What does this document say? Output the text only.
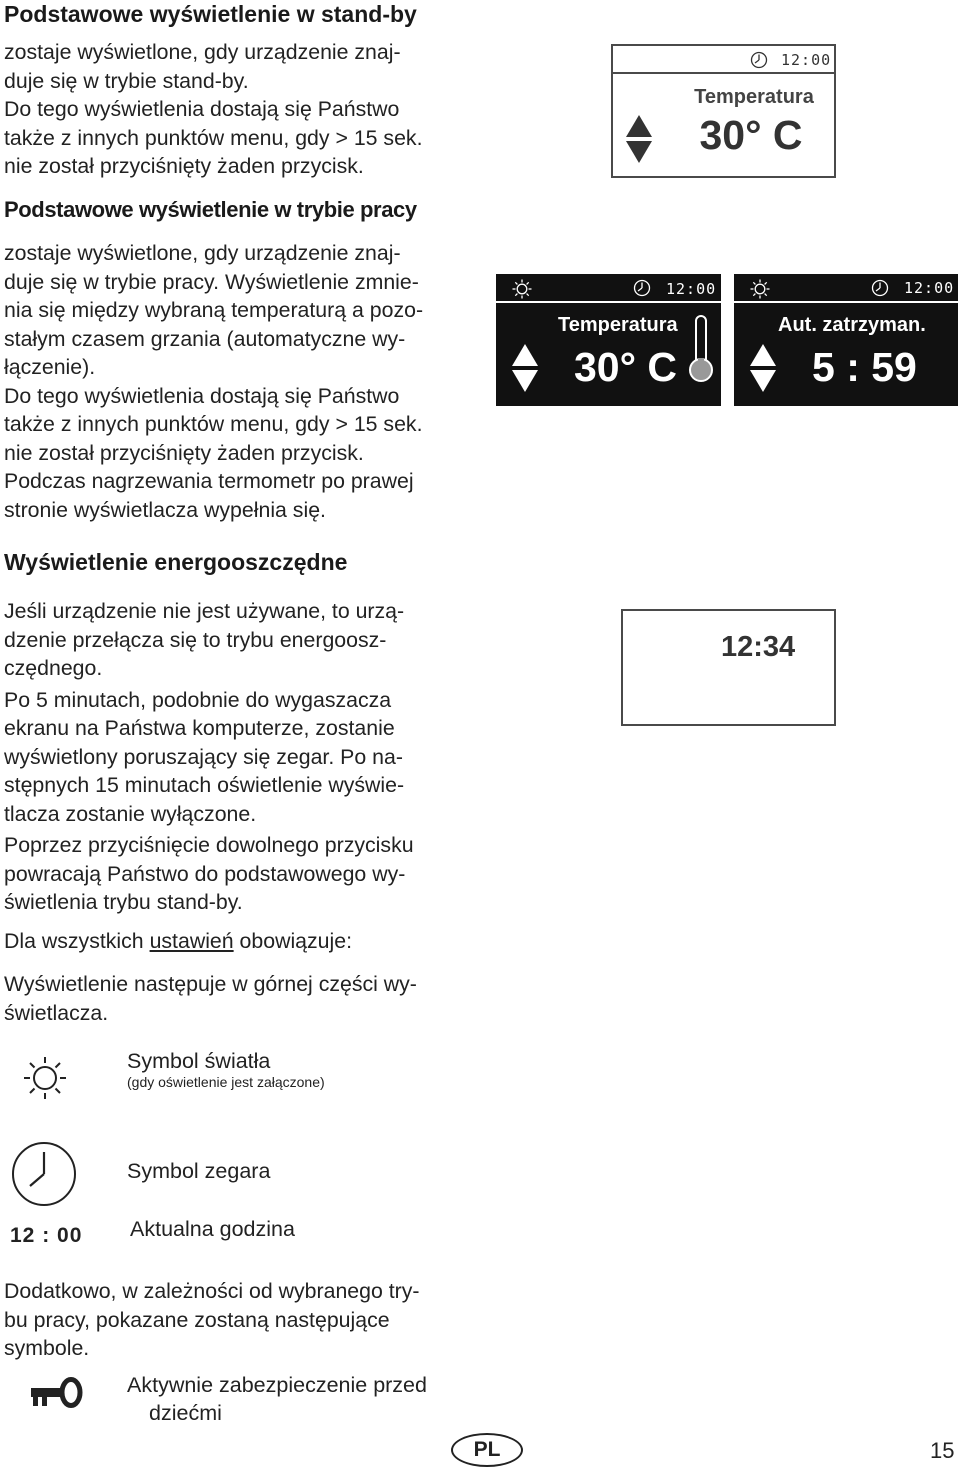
Podstawowe wyświetlenie w stand-by
zostaje wyświetlone, gdy urządzenie znaj-
duje się w trybie stand-by.
Do tego wyświetlenia dostają się Państwo
także z innych punktów menu, gdy > 15 sek.
nie został przyciśnięty żaden przycisk.
12:00
Temperatura
30° C
Podstawowe wyświetlenie w trybie pracy
zostaje wyświetlone, gdy urządzenie znaj-
duje się w trybie pracy. Wyświetlenie zmnie-
nia się między wybraną temperaturą a pozo-
stałym czasem grzania (automatyczne wy-
łączenie).
Do tego wyświetlenia dostają się Państwo
także z innych punktów menu, gdy > 15 sek.
nie został przyciśnięty żaden przycisk.
Podczas nagrzewania termometr po prawej
stronie wyświetlacza wypełnia się.
12:00
Temperatura
30° C
12:00
Aut. zatrzyman.
5 : 59
Wyświetlenie energooszczędne
Jeśli urządzenie nie jest używane, to urzą-
dzenie przełącza się to trybu energoosz-
czędnego.
Po 5 minutach, podobnie do wygaszacza
ekranu na Państwa komputerze, zostanie
wyświetlony poruszający się zegar. Po na-
stępnych 15 minutach oświetlenie wyświe-
tlacza zostanie wyłączone.
Poprzez przyciśnięcie dowolnego przycisku
powracają Państwo do podstawowego wy-
świetlenia trybu stand-by.
Dla wszystkich ustawień obowiązuje:
Wyświetlenie następuje w górnej części wy-
świetlacza.
12:34
Symbol światła
(gdy oświetlenie jest załączone)
Symbol zegara
12 : 00 Aktualna godzina
Dodatkowo, w zależności od wybranego try-
bu pracy, pokazane zostaną następujące
symbole.
Aktywnie zabezpieczenie przed
dziećmi
PL	15
